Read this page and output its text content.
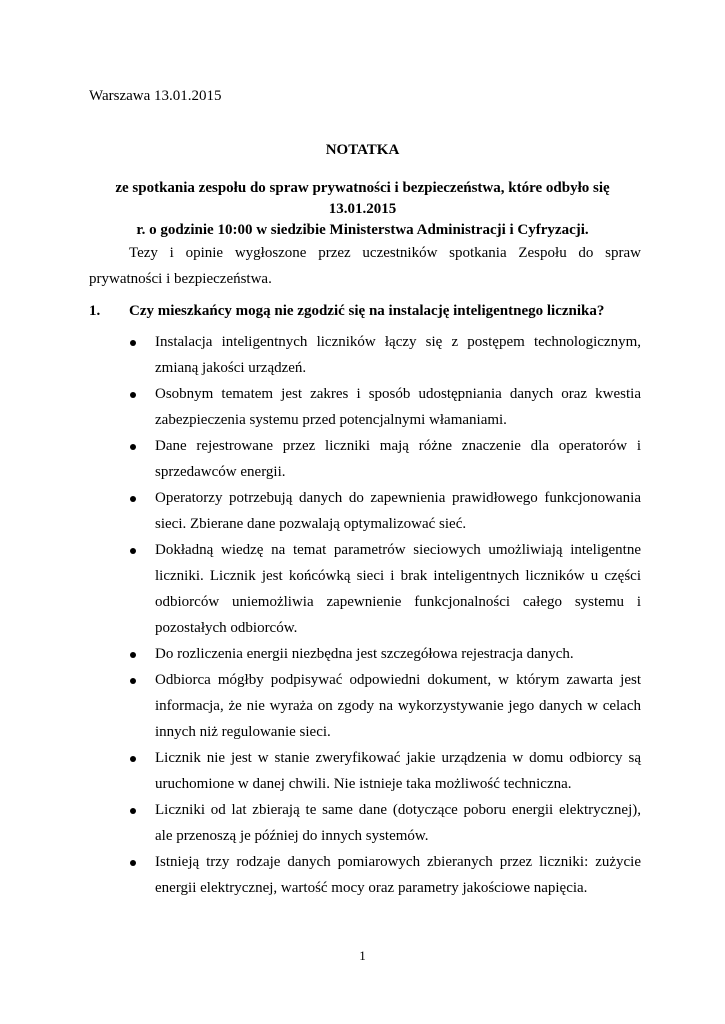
Warszawa 13.01.2015
NOTATKA
ze spotkania zespołu do spraw prywatności i bezpieczeństwa, które odbyło się 13.01.2015
r. o godzinie 10:00 w siedzibie Ministerstwa Administracji i Cyfryzacji.
Tezy i opinie wygłoszone przez uczestników spotkania Zespołu do spraw prywatności i bezpieczeństwa.
1. Czy mieszkańcy mogą nie zgodzić się na instalację inteligentnego licznika?
Instalacja inteligentnych liczników łączy się z postępem technologicznym, zmianą jakości urządzeń.
Osobnym tematem jest zakres i sposób udostępniania danych oraz kwestia zabezpieczenia systemu przed potencjalnymi włamaniami.
Dane rejestrowane przez liczniki mają różne znaczenie dla operatorów i sprzedawców energii.
Operatorzy potrzebują danych do zapewnienia prawidłowego funkcjonowania sieci. Zbierane dane pozwalają optymalizować sieć.
Dokładną wiedzę na temat parametrów sieciowych umożliwiają inteligentne liczniki. Licznik jest końcówką sieci i brak inteligentnych liczników u części odbiorców uniemożliwia zapewnienie funkcjonalności całego systemu i pozostałych odbiorców.
Do rozliczenia energii niezbędna jest szczegółowa rejestracja danych.
Odbiorca mógłby podpisywać odpowiedni dokument, w którym zawarta jest informacja, że nie wyraża on zgody na wykorzystywanie jego danych w celach innych niż regulowanie sieci.
Licznik nie jest w stanie zweryfikować jakie urządzenia w domu odbiorcy są uruchomione w danej chwili. Nie istnieje taka możliwość techniczna.
Liczniki od lat zbierają te same dane (dotyczące poboru energii elektrycznej), ale przenoszą je później do innych systemów.
Istnieją trzy rodzaje danych pomiarowych zbieranych przez liczniki: zużycie energii elektrycznej, wartość mocy oraz parametry jakościowe napięcia.
1
